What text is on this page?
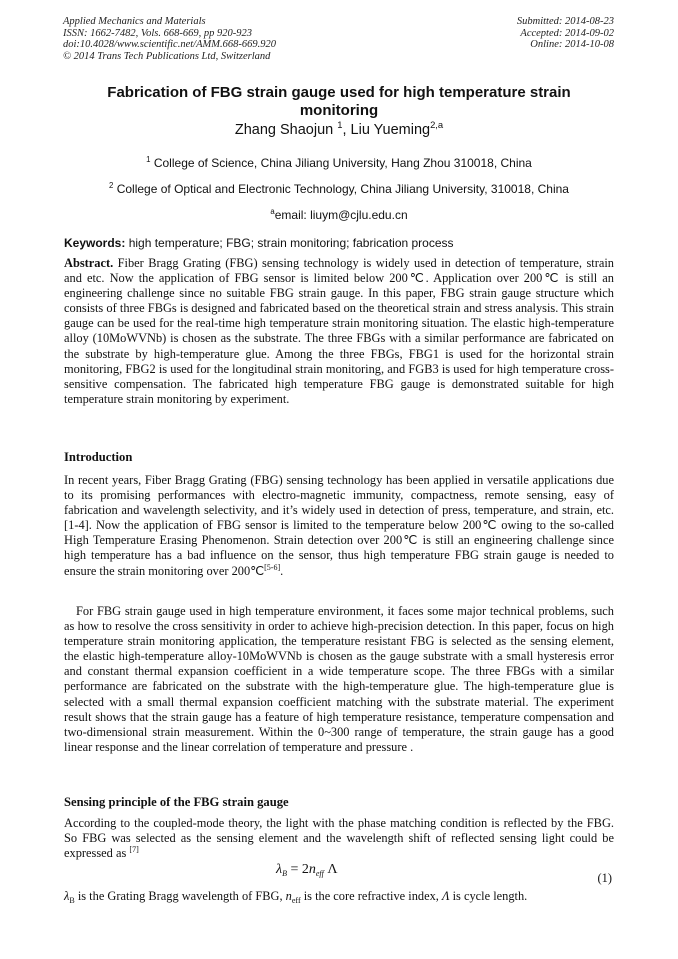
Applied Mechanics and Materials
ISSN: 1662-7482, Vols. 668-669, pp 920-923
doi:10.4028/www.scientific.net/AMM.668-669.920
© 2014 Trans Tech Publications Ltd, Switzerland
Submitted: 2014-08-23
Accepted: 2014-09-02
Online: 2014-10-08
Fabrication of FBG strain gauge used for high temperature strain monitoring
Zhang Shaojun $^1$, Liu Yueming$^{2,a}$
$^1$ College of Science, China Jiliang University, Hang Zhou 310018, China
$^2$ College of Optical and Electronic Technology, China Jiliang University, 310018, China
$^a$email: liuym@cjlu.edu.cn
Keywords: high temperature; FBG; strain monitoring; fabrication process
Abstract. Fiber Bragg Grating (FBG) sensing technology is widely used in detection of temperature, strain and etc. Now the application of FBG sensor is limited below 200℃. Application over 200℃ is still an engineering challenge since no suitable FBG strain gauge. In this paper, FBG strain gauge structure which consists of three FBGs is designed and fabricated based on the theoretical strain and stress analysis. This strain gauge can be used for the real-time high temperature strain monitoring situation. The elastic high-temperature alloy (10MoWVNb) is chosen as the substrate. The three FBGs with a similar performance are fabricated on the substrate by high-temperature glue. Among the three FBGs, FBG1 is used for the horizontal strain monitoring, FBG2 is used for the longitudinal strain monitoring, and FGB3 is used for high temperature cross-sensitive compensation. The fabricated high temperature FBG gauge is demonstrated suitable for high temperature strain monitoring by experiment.
Introduction
In recent years, Fiber Bragg Grating (FBG) sensing technology has been applied in versatile applications due to its promising performances with electro-magnetic immunity, compactness, remote sensing, easy of fabrication and wavelength selectivity, and it’s widely used in detection of press, temperature, and strain, etc.[1-4]. Now the application of FBG sensor is limited to the temperature below 200℃ owing to the so-called High Temperature Erasing Phenomenon. Strain detection over 200℃ is still an engineering challenge since high temperature has a bad influence on the sensor, thus high temperature FBG strain gauge is needed to ensure the strain monitoring over 200℃[5-6].
For FBG strain gauge used in high temperature environment, it faces some major technical problems, such as how to resolve the cross sensitivity in order to achieve high-precision detection. In this paper, focus on high temperature strain monitoring application, the temperature resistant FBG is selected as the sensing element, the elastic high-temperature alloy-10MoWVNb is chosen as the gauge substrate with a small hysteresis error and constant thermal expansion coefficient in a wide temperature scope. The three FBGs with a similar performance are fabricated on the substrate with the high-temperature glue. The high-temperature glue is selected with a small thermal expansion coefficient matching with the substrate material. The experiment result shows that the strain gauge has a feature of high temperature resistance, temperature compensation and two-dimensional strain measurement. Within the 0~300 range of temperature, the strain gauge has a good linear response and the linear correlation of temperature and pressure .
Sensing principle of the FBG strain gauge
According to the coupled-mode theory, the light with the phase matching condition is reflected by the FBG. So FBG was selected as the sensing element and the wavelength shift of reflected sensing light could be expressed as [7]
$\lambda_B = 2n_{eff}$ Λ
(1)
$\lambda_B$ is the Grating Bragg wavelength of FBG, $n_{eff}$ is the core refractive index, Λ is cycle length.
